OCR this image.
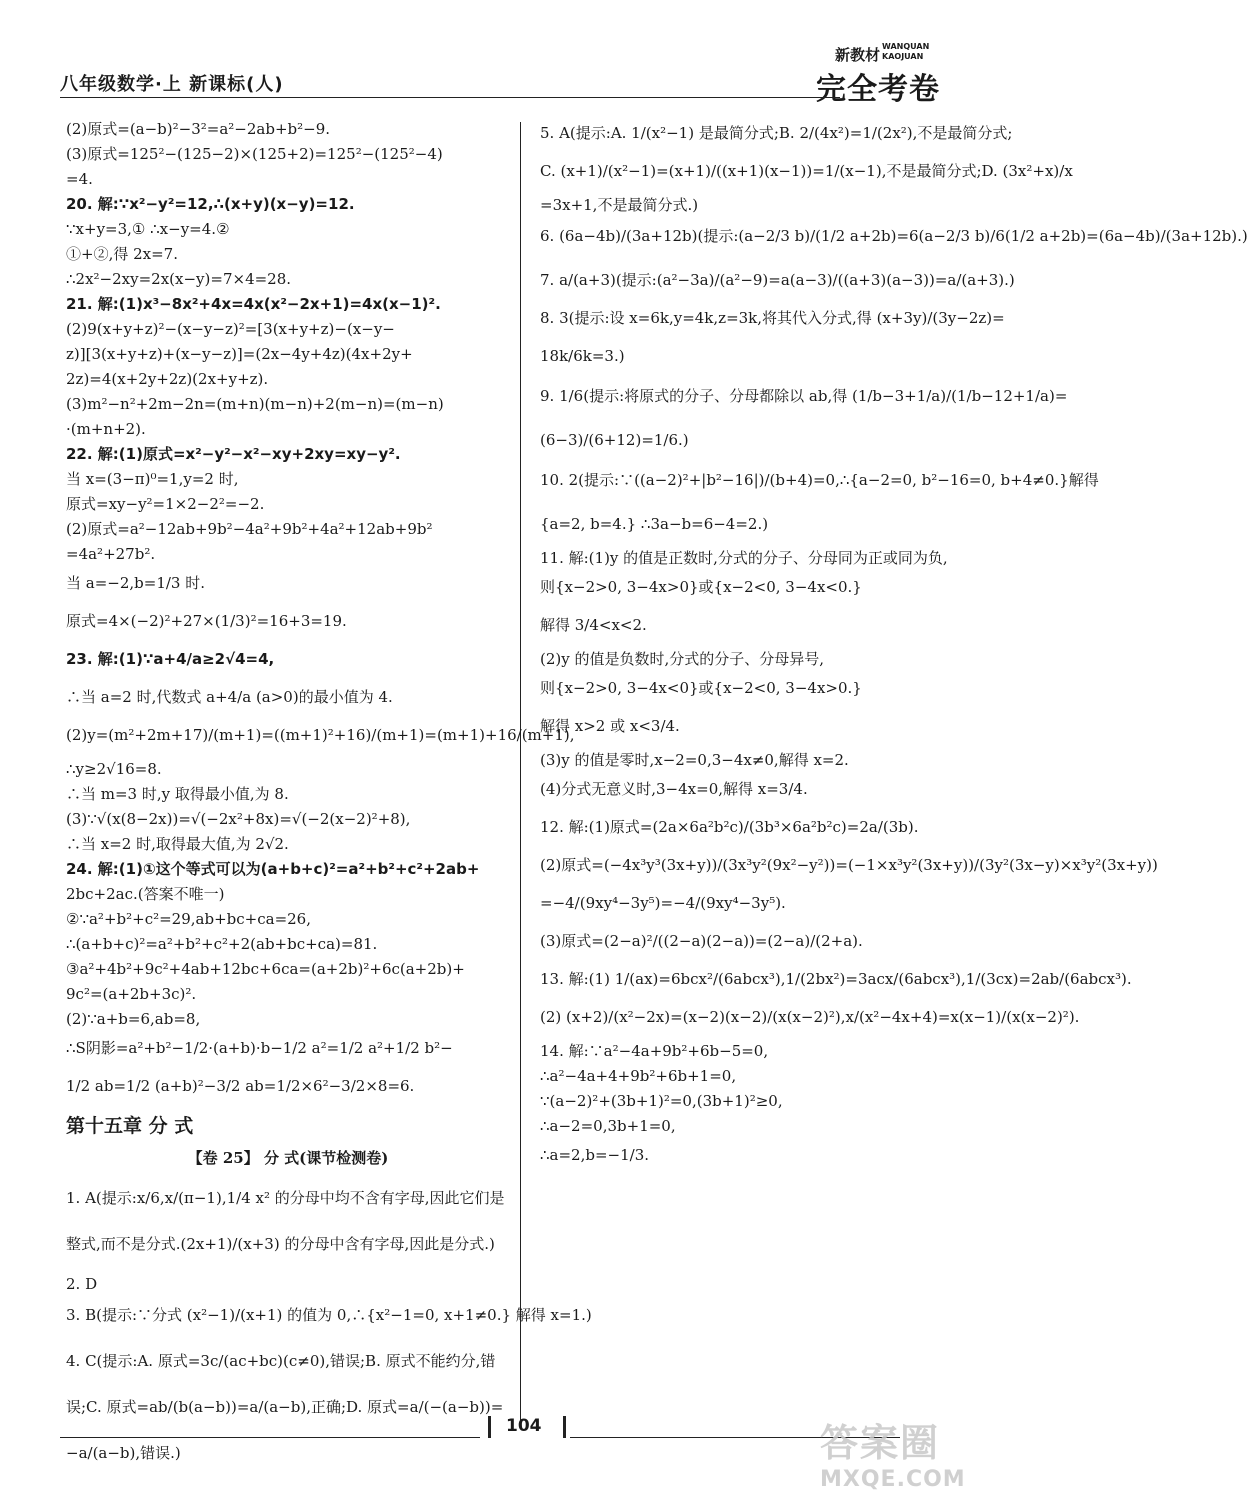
八年级数学·上 新课标(人)
新教材 WANQUAN KAOJUAN
完全考卷
(2)原式=(a−b)²−3²=a²−2ab+b²−9.
(3)原式=125²−(125−2)×(125+2)=125²−(125²−4)
=4.
20. 解:∵x²−y²=12,∴(x+y)(x−y)=12.
∵x+y=3,① ∴x−y=4.②
①+②,得 2x=7.
∴2x²−2xy=2x(x−y)=7×4=28.
21. 解:(1)x³−8x²+4x=4x(x²−2x+1)=4x(x−1)².
(2)9(x+y+z)²−(x−y−z)²=[3(x+y+z)−(x−y−
z)][3(x+y+z)+(x−y−z)]=(2x−4y+4z)(4x+2y+
2z)=4(x+2y+2z)(2x+y+z).
(3)m²−n²+2m−2n=(m+n)(m−n)+2(m−n)=(m−n)
·(m+n+2).
22. 解:(1)原式=x²−y²−x²−xy+2xy=xy−y².
当 x=(3−π)⁰=1,y=2 时,
原式=xy−y²=1×2−2²=−2.
(2)原式=a²−12ab+9b²−4a²+9b²+4a²+12ab+9b²
=4a²+27b².
当 a=−2,b=1/3 时.
原式=4×(−2)²+27×(1/3)²=16+3=19.
23. 解:(1)∵a+4/a≥2√4=4,
∴当 a=2 时,代数式 a+4/a (a>0)的最小值为 4.
(2)y=(m²+2m+17)/(m+1)=((m+1)²+16)/(m+1)=(m+1)+16/(m+1),
∴y≥2√16=8.
∴当 m=3 时,y 取得最小值,为 8.
(3)∵√(x(8−2x))=√(−2x²+8x)=√(−2(x−2)²+8),
∴当 x=2 时,取得最大值,为 2√2.
24. 解:(1)①这个等式可以为(a+b+c)²=a²+b²+c²+2ab+
2bc+2ac.(答案不唯一)
②∵a²+b²+c²=29,ab+bc+ca=26,
∴(a+b+c)²=a²+b²+c²+2(ab+bc+ca)=81.
③a²+4b²+9c²+4ab+12bc+6ca=(a+2b)²+6c(a+2b)+
9c²=(a+2b+3c)².
(2)∵a+b=6,ab=8,
∴S阴影=a²+b²−1/2·(a+b)·b−1/2 a²=1/2 a²+1/2 b²−
1/2 ab=1/2 (a+b)²−3/2 ab=1/2×6²−3/2×8=6.
第十五章 分 式
【卷 25】 分 式(课节检测卷)
1. A(提示:x/6,x/(π−1),1/4 x² 的分母中均不含有字母,因此它们是
整式,而不是分式.(2x+1)/(x+3) 的分母中含有字母,因此是分式.)
2. D
3. B(提示:∵分式 (x²−1)/(x+1) 的值为 0,∴{x²−1=0, x+1≠0.} 解得 x=1.)
4. C(提示:A. 原式=3c/(ac+bc)(c≠0),错误;B. 原式不能约分,错
误;C. 原式=ab/(b(a−b))=a/(a−b),正确;D. 原式=a/(−(a−b))=
−a/(a−b),错误.)
5. A(提示:A. 1/(x²−1) 是最简分式;B. 2/(4x²)=1/(2x²),不是最简分式;
C. (x+1)/(x²−1)=(x+1)/((x+1)(x−1))=1/(x−1),不是最简分式;D. (3x²+x)/x
=3x+1,不是最简分式.)
6. (6a−4b)/(3a+12b)(提示:(a−2/3 b)/(1/2 a+2b)=6(a−2/3 b)/6(1/2 a+2b)=(6a−4b)/(3a+12b).)
7. a/(a+3)(提示:(a²−3a)/(a²−9)=a(a−3)/((a+3)(a−3))=a/(a+3).)
8. 3(提示:设 x=6k,y=4k,z=3k,将其代入分式,得 (x+3y)/(3y−2z)=
18k/6k=3.)
9. 1/6(提示:将原式的分子、分母都除以 ab,得 (1/b−3+1/a)/(1/b−12+1/a)=
(6−3)/(6+12)=1/6.)
10. 2(提示:∵((a−2)²+|b²−16|)/(b+4)=0,∴{a−2=0, b²−16=0, b+4≠0.}解得
{a=2, b=4.} ∴3a−b=6−4=2.)
11. 解:(1)y 的值是正数时,分式的分子、分母同为正或同为负,
则{x−2>0, 3−4x>0}或{x−2<0, 3−4x<0.}
解得 3/4<x<2.
(2)y 的值是负数时,分式的分子、分母异号,
则{x−2>0, 3−4x<0}或{x−2<0, 3−4x>0.}
解得 x>2 或 x<3/4.
(3)y 的值是零时,x−2=0,3−4x≠0,解得 x=2.
(4)分式无意义时,3−4x=0,解得 x=3/4.
12. 解:(1)原式=(2a×6a²b²c)/(3b³×6a²b²c)=2a/(3b).
(2)原式=(−4x³y³(3x+y))/(3x³y²(9x²−y²))=(−1×x³y²(3x+y))/(3y²(3x−y)×x³y²(3x+y))
=−4/(9xy⁴−3y⁵)=−4/(9xy⁴−3y⁵).
(3)原式=(2−a)²/((2−a)(2−a))=(2−a)/(2+a).
13. 解:(1) 1/(ax)=6bcx²/(6abcx³),1/(2bx²)=3acx/(6abcx³),1/(3cx)=2ab/(6abcx³).
(2) (x+2)/(x²−2x)=(x−2)(x−2)/(x(x−2)²),x/(x²−4x+4)=x(x−1)/(x(x−2)²).
14. 解:∵a²−4a+9b²+6b−5=0,
∴a²−4a+4+9b²+6b+1=0,
∵(a−2)²+(3b+1)²=0,(3b+1)²≥0,
∴a−2=0,3b+1=0,
∴a=2,b=−1/3.
104	答案圈
MXQE.COM
